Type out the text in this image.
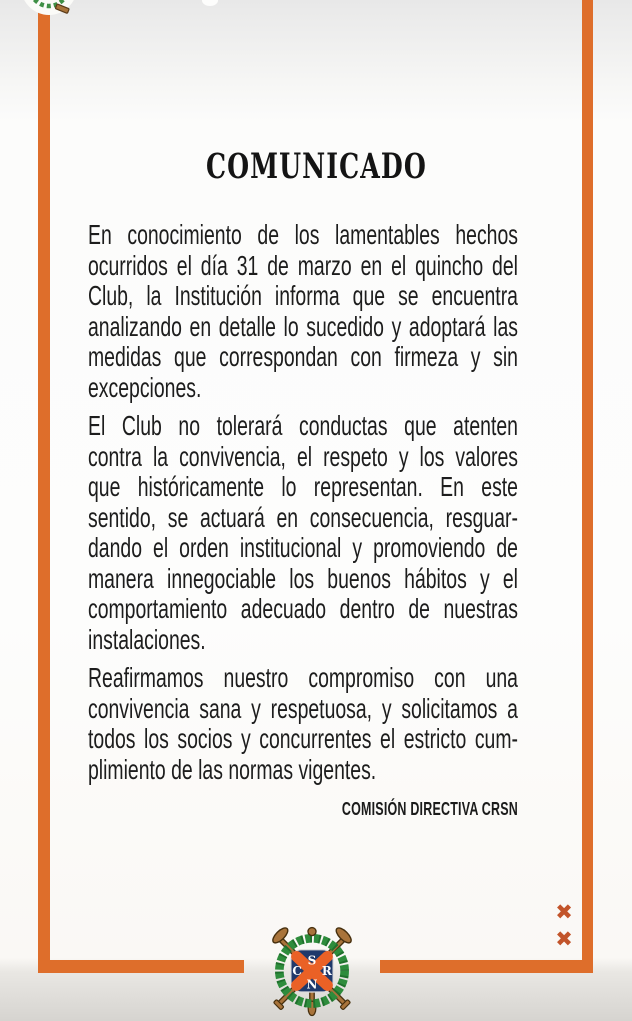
COMUNICADO
En conocimiento de los lamentables hechos
ocurridos el día 31 de marzo en el quincho del
Club, la Institución informa que se encuentra
analizando en detalle lo sucedido y adoptará las
medidas que correspondan con firmeza y sin
excepciones.
El Club no tolerará conductas que atenten
contra la convivencia, el respeto y los valores
que históricamente lo representan. En este
sentido, se actuará en consecuencia, resguar-
dando el orden institucional y promoviendo de
manera innegociable los buenos hábitos y el
comportamiento adecuado dentro de nuestras
instalaciones.
Reafirmamos nuestro compromiso con una
convivencia sana y respetuosa, y solicitamos a
todos los socios y concurrentes el estricto cum-
plimiento de las normas vigentes.
COMISIÓN DIRECTIVA CRSN
✖
✖
S
R
N
C
